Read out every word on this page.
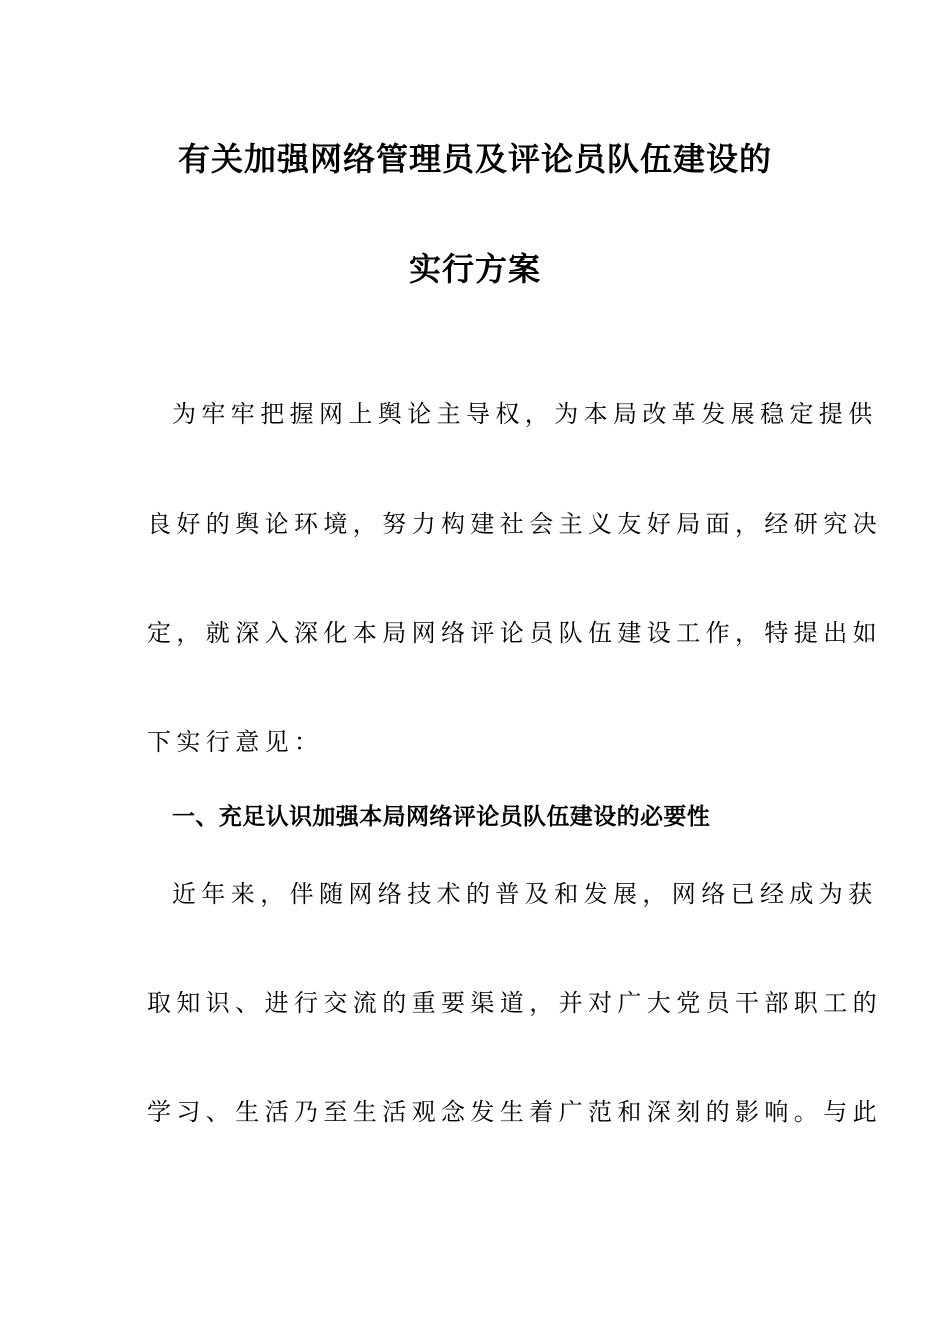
有关加强网络管理员及评论员队伍建设的
实行方案
为牢牢把握网上舆论主导权，为本局改革发展稳定提供
良好的舆论环境，努力构建社会主义友好局面，经研究决
定，就深入深化本局网络评论员队伍建设工作，特提出如
下实行意见：
一、充足认识加强本局网络评论员队伍建设的必要性
近年来，伴随网络技术的普及和发展，网络已经成为获
取知识、进行交流的重要渠道，并对广大党员干部职工的
学习、生活乃至生活观念发生着广范和深刻的影响。与此
